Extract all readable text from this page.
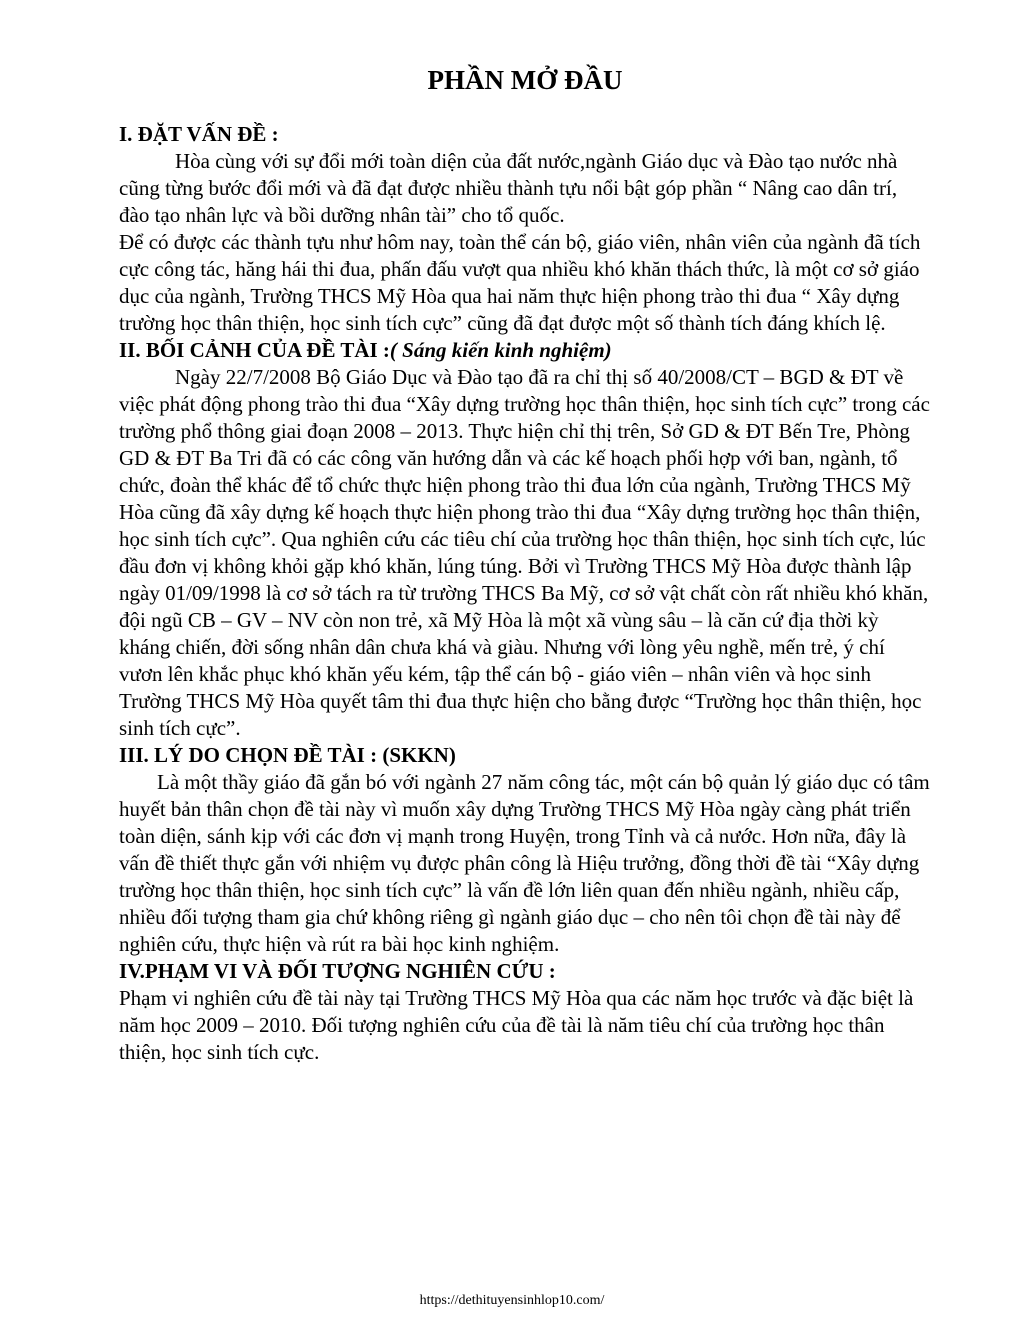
PHẦN MỞ ĐẦU
I. ĐẶT VẤN ĐỀ :

Hòa cùng với sự đổi mới toàn diện của đất nước,ngành Giáo dục và Đào tạo nước nhà cũng từng bước đổi mới và đã đạt được nhiều thành tựu nổi bật góp phần “ Nâng cao dân trí, đào tạo nhân lực và bồi dưỡng nhân tài” cho tổ quốc.

Để có được các thành tựu như hôm nay, toàn thể cán bộ, giáo viên, nhân viên của ngành đã tích cực công tác, hăng hái thi đua, phấn đấu vượt qua nhiều khó khăn thách thức, là một cơ sở giáo dục của ngành, Trường THCS Mỹ Hòa qua hai năm thực hiện phong trào thi đua “ Xây dựng trường học thân thiện, học sinh tích cực” cũng đã đạt được một số thành tích đáng khích lệ.

II. BỐI CẢNH CỦA ĐỀ TÀI :( Sáng kiến kinh nghiệm)

Ngày 22/7/2008 Bộ Giáo Dục và Đào tạo đã ra chỉ thị số 40/2008/CT – BGD & ĐT về việc phát động phong trào thi đua “Xây dựng trường học thân thiện, học sinh tích cực” trong các trường phổ thông giai đoạn 2008 – 2013. Thực hiện chỉ thị trên, Sở GD & ĐT Bến Tre, Phòng GD & ĐT Ba Tri đã có các công văn hướng dẫn và các kế hoạch phối hợp với ban, ngành, tổ chức, đoàn thể khác để tổ chức thực hiện phong trào thi đua lớn của ngành, Trường THCS Mỹ Hòa cũng đã xây dựng kế hoạch thực hiện phong trào thi đua “Xây dựng trường học thân thiện, học sinh tích cực”. Qua nghiên cứu các tiêu chí của trường học thân thiện, học sinh tích cực, lúc đầu đơn vị không khỏi gặp khó khăn, lúng túng. Bởi vì Trường THCS Mỹ Hòa được thành lập ngày 01/09/1998 là cơ sở tách ra từ trường THCS Ba Mỹ, cơ sở vật chất còn rất nhiều khó khăn, đội ngũ CB – GV – NV còn non trẻ, xã Mỹ Hòa là một xã vùng sâu – là căn cứ địa thời kỳ kháng chiến, đời sống nhân dân chưa khá và giàu. Nhưng với lòng yêu nghề, mến trẻ, ý chí vươn lên khắc phục khó khăn yếu kém, tập thể cán bộ - giáo viên – nhân viên và học sinh Trường THCS Mỹ Hòa quyết tâm thi đua thực hiện cho bằng được “Trường học thân thiện, học sinh tích cực”.

III. LÝ DO CHỌN ĐỀ TÀI : (SKKN)

Là một thầy giáo đã gắn bó với ngành 27 năm công tác, một cán bộ quản lý giáo dục có tâm huyết bản thân chọn đề tài này vì muốn xây dựng Trường THCS Mỹ Hòa ngày càng phát triển toàn diện, sánh kịp với các đơn vị mạnh trong Huyện, trong Tỉnh và cả nước. Hơn nữa, đây là vấn đề thiết thực gắn với nhiệm vụ được phân công là Hiệu trưởng, đồng thời đề tài “Xây dựng trường học thân thiện, học sinh tích cực” là vấn đề lớn liên quan đến nhiều ngành, nhiều cấp, nhiều đối tượng tham gia chứ không riêng gì ngành giáo dục – cho nên tôi chọn đề tài này để nghiên cứu, thực hiện và rút ra bài học kinh nghiệm.

IV.PHẠM VI VÀ ĐỐI TƯỢNG NGHIÊN CỨU :

Phạm vi nghiên cứu đề tài này tại Trường THCS Mỹ Hòa qua các năm học trước và đặc biệt là năm học 2009 – 2010. Đối tượng nghiên cứu của đề tài là năm tiêu chí của trường học thân thiện, học sinh tích cực.

https://dethituyensinhlop10.com/
